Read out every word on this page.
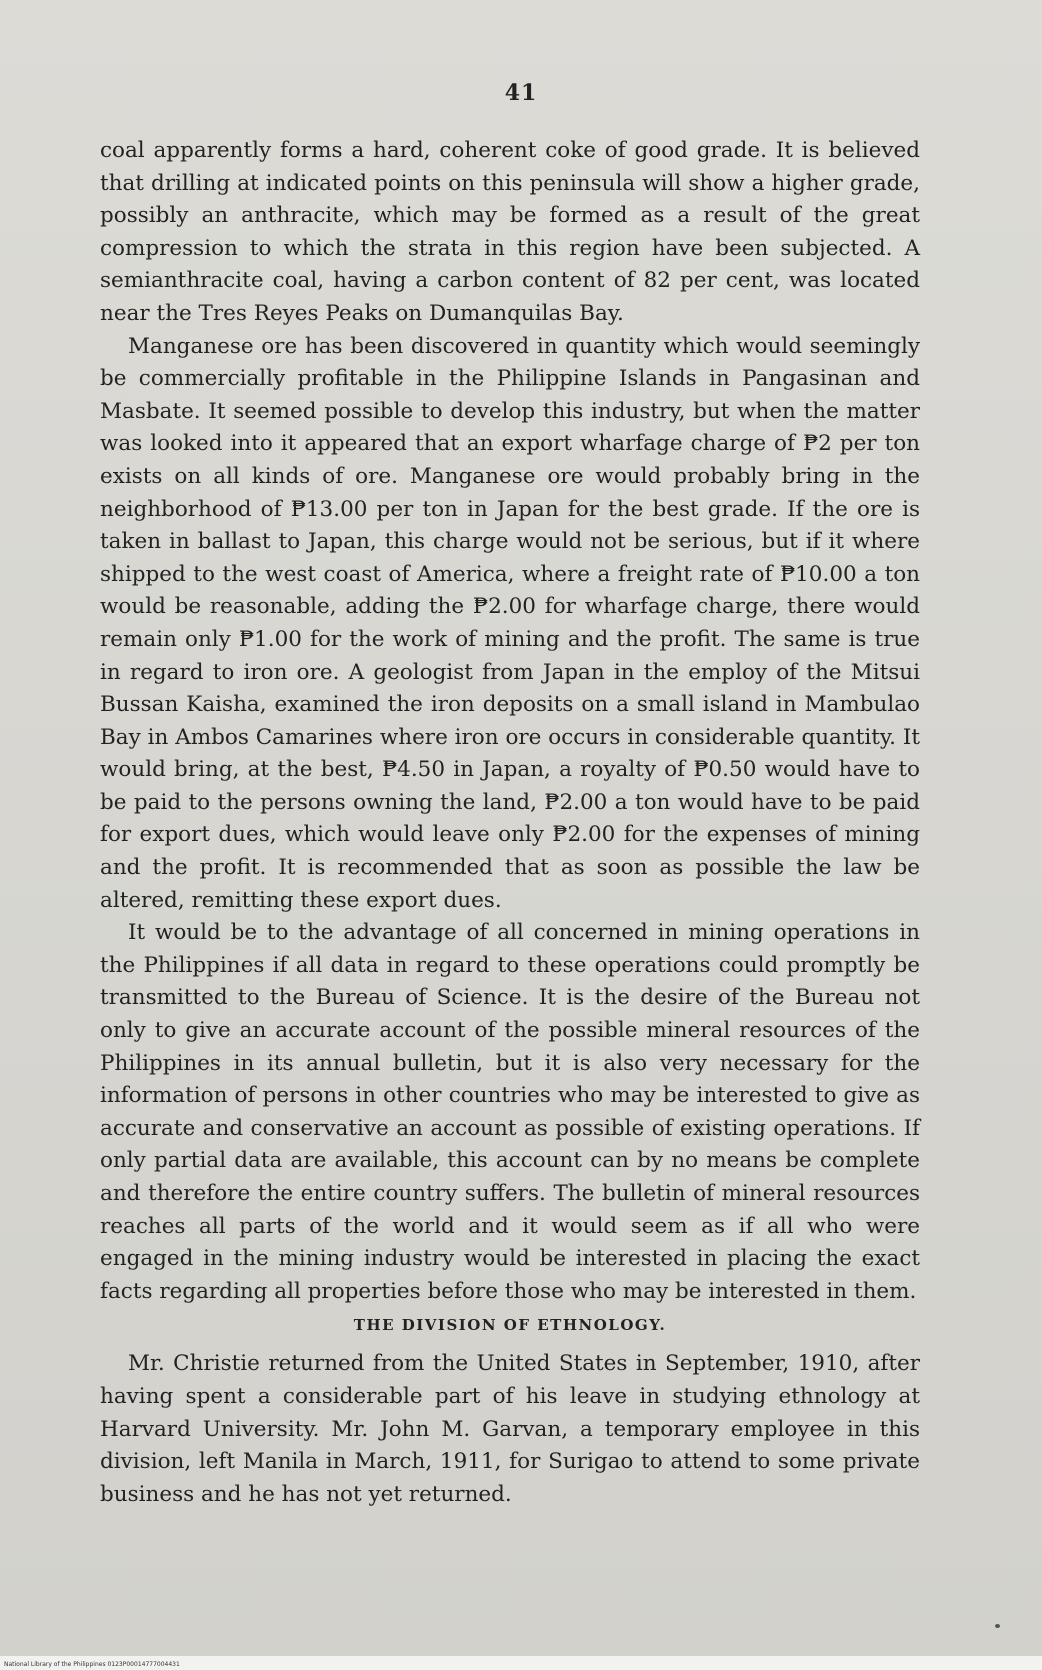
41

coal apparently forms a hard, coherent coke of good grade. It is believed that drilling at indicated points on this peninsula will show a higher grade, possibly an anthracite, which may be formed as a result of the great compression to which the strata in this region have been subjected. A semianthracite coal, having a carbon content of 82 per cent, was located near the Tres Reyes Peaks on Dumanquilas Bay.

Manganese ore has been discovered in quantity which would seemingly be commercially profitable in the Philippine Islands in Pangasinan and Masbate. It seemed possible to develop this industry, but when the matter was looked into it appeared that an export wharfage charge of ₱2 per ton exists on all kinds of ore. Manganese ore would probably bring in the neighborhood of ₱13.00 per ton in Japan for the best grade. If the ore is taken in ballast to Japan, this charge would not be serious, but if it where shipped to the west coast of America, where a freight rate of ₱10.00 a ton would be reasonable, adding the ₱2.00 for wharfage charge, there would remain only ₱1.00 for the work of mining and the profit. The same is true in regard to iron ore. A geologist from Japan in the employ of the Mitsui Bussan Kaisha, examined the iron deposits on a small island in Mambulao Bay in Ambos Camarines where iron ore occurs in considerable quantity. It would bring, at the best, ₱4.50 in Japan, a royalty of ₱0.50 would have to be paid to the persons owning the land, ₱2.00 a ton would have to be paid for export dues, which would leave only ₱2.00 for the expenses of mining and the profit. It is recommended that as soon as possible the law be altered, remitting these export dues.

It would be to the advantage of all concerned in mining operations in the Philippines if all data in regard to these operations could promptly be transmitted to the Bureau of Science. It is the desire of the Bureau not only to give an accurate account of the possible mineral resources of the Philippines in its annual bulletin, but it is also very necessary for the information of persons in other countries who may be interested to give as accurate and conservative an account as possible of existing operations. If only partial data are available, this account can by no means be complete and therefore the entire country suffers. The bulletin of mineral resources reaches all parts of the world and it would seem as if all who were engaged in the mining industry would be interested in placing the exact facts regarding all properties before those who may be interested in them.

THE DIVISION OF ETHNOLOGY.

Mr. Christie returned from the United States in September, 1910, after having spent a considerable part of his leave in studying ethnology at Harvard University. Mr. John M. Garvan, a temporary employee in this division, left Manila in March, 1911, for Surigao to attend to some private business and he has not yet returned.

National Library of the Philippines 0123P00014777004431
